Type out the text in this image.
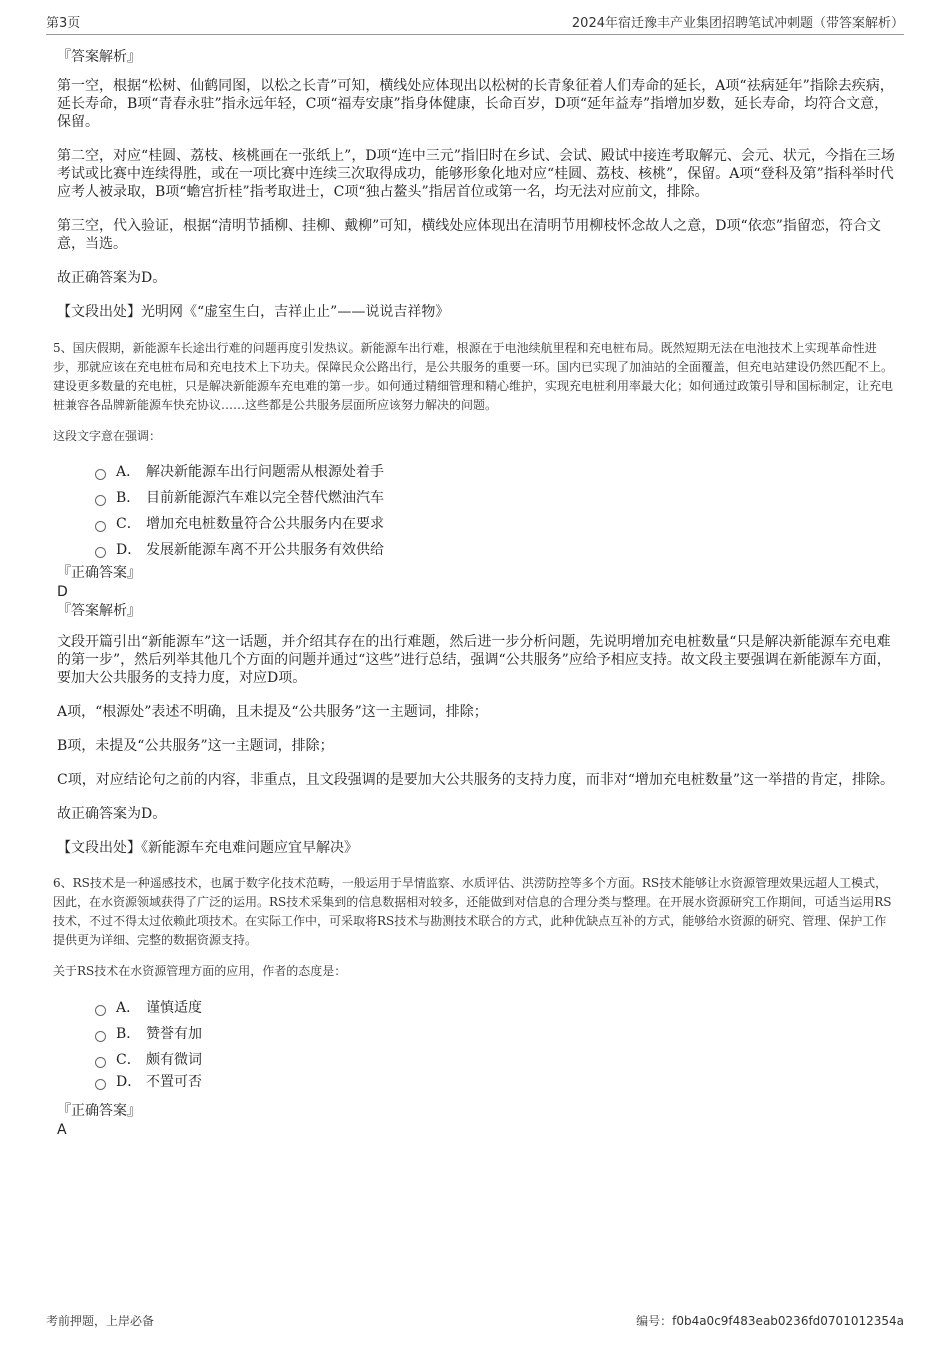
第3页	2024年宿迁豫丰产业集团招聘笔试冲刺题（带答案解析）
『答案解析』

第一空，根据“松树、仙鹤同图，以松之长青”可知，横线处应体现出以松树的长青象征着人们寿命的延长，A项“祛病延年”指除去疾病，延长寿命，B项“青春永驻”指永远年轻，C项“福寿安康”指身体健康，长命百岁，D项“延年益寿”指增加岁数，延长寿命，均符合文意，保留。

第二空，对应“桂圆、荔枝、核桃画在一张纸上”，D项“连中三元”指旧时在乡试、会试、殿试中接连考取解元、会元、状元，今指在三场考试或比赛中连续得胜，或在一项比赛中连续三次取得成功，能够形象化地对应“桂圆、荔枝、核桃”，保留。A项“登科及第”指科举时代应考人被录取，B项“蟾宫折桂”指考取进士，C项“独占鳌头”指居首位或第一名，均无法对应前文，排除。

第三空，代入验证，根据“清明节插柳、挂柳、戴柳”可知，横线处应体现出在清明节用柳枝怀念故人之意，D项“依恋”指留恋，符合文意，当选。

故正确答案为D。

【文段出处】光明网《“虚室生白，吉祥止止”——说说吉祥物》

5、国庆假期，新能源车长途出行难的问题再度引发热议。新能源车出行难，根源在于电池续航里程和充电桩布局。既然短期无法在电池技术上实现革命性进步，那就应该在充电桩布局和充电技术上下功夫。保障民众公路出行，是公共服务的重要一环。国内已实现了加油站的全面覆盖，但充电站建设仍然匹配不上。建设更多数量的充电桩，只是解决新能源车充电难的第一步。如何通过精细管理和精心维护，实现充电桩利用率最大化；如何通过政策引导和国标制定，让充电桩兼容各品牌新能源车快充协议……这些都是公共服务层面所应该努力解决的问题。

这段文字意在强调：

A． 解决新能源车出行问题需从根源处着手
B． 目前新能源汽车难以完全替代燃油汽车
C． 增加充电桩数量符合公共服务内在要求
D． 发展新能源车离不开公共服务有效供给
『正确答案』
D
『答案解析』

文段开篇引出“新能源车”这一话题，并介绍其存在的出行难题，然后进一步分析问题，先说明增加充电桩数量“只是解决新能源车充电难的第一步”，然后列举其他几个方面的问题并通过“这些”进行总结，强调“公共服务”应给予相应支持。故文段主要强调在新能源车方面，要加大公共服务的支持力度，对应D项。

A项，“根源处”表述不明确，且未提及“公共服务”这一主题词，排除；

B项，未提及“公共服务”这一主题词，排除；

C项，对应结论句之前的内容，非重点，且文段强调的是要加大公共服务的支持力度，而非对“增加充电桩数量”这一举措的肯定，排除。

故正确答案为D。

【文段出处】《新能源车充电难问题应宜早解决》

6、RS技术是一种遥感技术，也属于数字化技术范畴，一般运用于旱情监察、水质评估、洪涝防控等多个方面。RS技术能够让水资源管理效果远超人工模式，因此，在水资源领域获得了广泛的运用。RS技术采集到的信息数据相对较多，还能做到对信息的合理分类与整理。在开展水资源研究工作期间，可适当运用RS技术，不过不得太过依赖此项技术。在实际工作中，可采取将RS技术与勘测技术联合的方式，此种优缺点互补的方式，能够给水资源的研究、管理、保护工作提供更为详细、完整的数据资源支持。

关于RS技术在水资源管理方面的应用，作者的态度是：

A． 谨慎适度
B． 赞誉有加
C． 颇有微词
D． 不置可否
『正确答案』
A
考前押题，上岸必备	编号：f0b4a0c9f483eab0236fd0701012354a
